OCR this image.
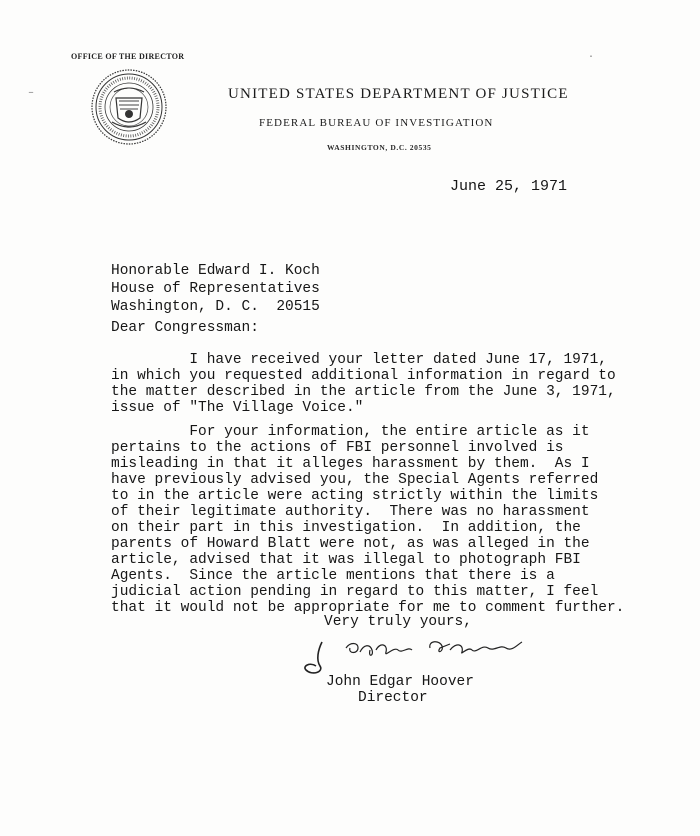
OFFICE OF THE DIRECTOR
UNITED STATES DEPARTMENT OF JUSTICE
FEDERAL BUREAU OF INVESTIGATION
WASHINGTON, D.C. 20535
June 25, 1971
Honorable Edward I. Koch
House of Representatives
Washington, D. C.  20515
Dear Congressman:
I have received your letter dated June 17, 1971,
in which you requested additional information in regard to
the matter described in the article from the June 3, 1971,
issue of "The Village Voice."
For your information, the entire article as it
pertains to the actions of FBI personnel involved is
misleading in that it alleges harassment by them.  As I
have previously advised you, the Special Agents referred
to in the article were acting strictly within the limits
of their legitimate authority.  There was no harassment
on their part in this investigation.  In addition, the
parents of Howard Blatt were not, as was alleged in the
article, advised that it was illegal to photograph FBI
Agents.  Since the article mentions that there is a
judicial action pending in regard to this matter, I feel
that it would not be appropriate for me to comment further.
Very truly yours,
John Edgar Hoover
Director
–
·
